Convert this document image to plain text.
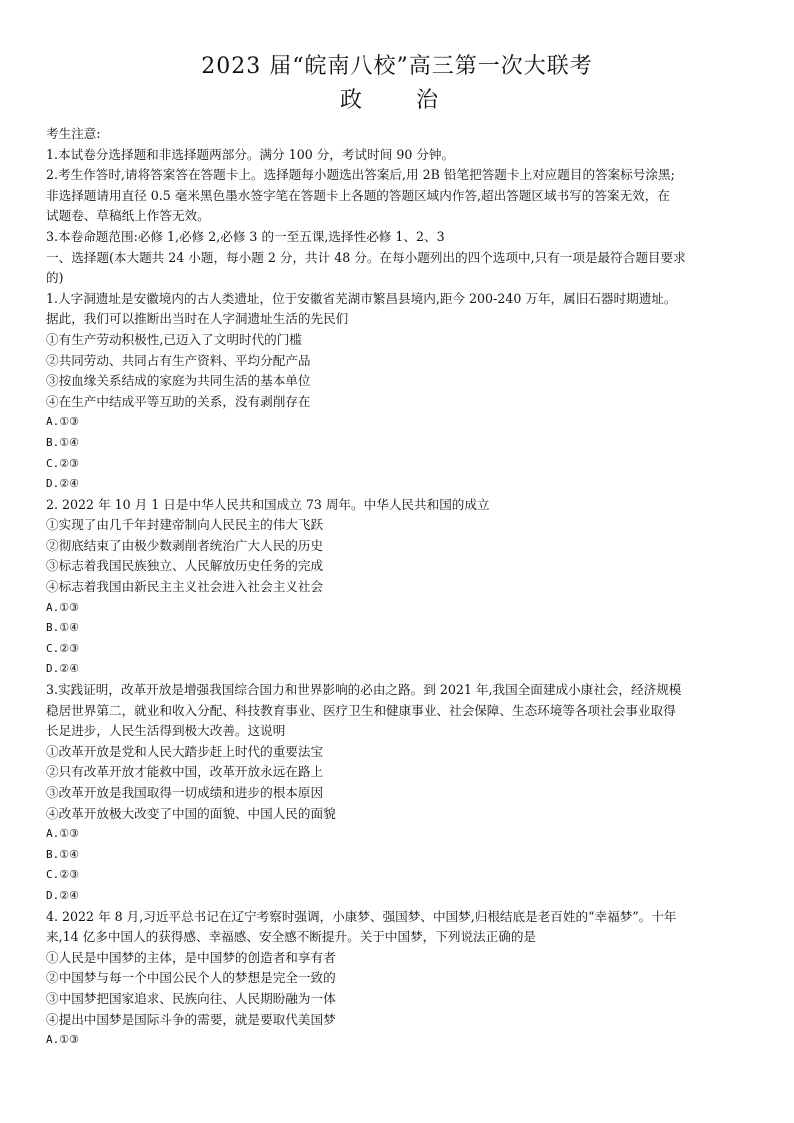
2023 届“皖南八校”高三第一次大联考
政　治
考生注意:
1.本试卷分选择题和非选择题两部分。满分 100 分，考试时间 90 分钟。
2.考生作答时,请将答案答在答题卡上。选择题每小题选出答案后,用 2B 铅笔把答题卡上对应题目的答案标号涂黑;
非选择题请用直径 0.5 毫米黑色墨水签字笔在答题卡上各题的答题区域内作答,超出答题区域书写的答案无效，在
试题卷、草稿纸上作答无效。
3.本卷命题范围:必修 1,必修 2,必修 3 的一至五课,选择性必修 1、2、3
一、选择题(本大题共 24 小题，每小题 2 分，共计 48 分。在每小题列出的四个选项中,只有一项是最符合题目要求
的)
1.人字洞遗址是安徽境内的古人类遗址，位于安徽省芜湖市繁昌县境内,距今 200-240 万年，属旧石器时期遗址。
据此，我们可以推断出当时在人字洞遗址生活的先民们
①有生产劳动积极性,已迈入了文明时代的门槛
②共同劳动、共同占有生产资料、平均分配产品
③按血缘关系结成的家庭为共同生活的基本单位
④在生产中结成平等互助的关系，没有剥削存在
A.①③
B.①④
C.②③
D.②④
2. 2022 年 10 月 1 日是中华人民共和国成立 73 周年。中华人民共和国的成立
①实现了由几千年封建帝制向人民民主的伟大飞跃
②彻底结束了由极少数剥削者统治广大人民的历史
③标志着我国民族独立、人民解放历史任务的完成
④标志着我国由新民主主义社会进入社会主义社会
A.①③
B.①④
C.②③
D.②④
3.实践证明，改革开放是增强我国综合国力和世界影响的必由之路。到 2021 年,我国全面建成小康社会，经济规模
稳居世界第二，就业和收入分配、科技教育事业、医疗卫生和健康事业、社会保障、生态环境等各项社会事业取得
长足进步，人民生活得到极大改善。这说明
①改革开放是党和人民大踏步赶上时代的重要法宝
②只有改革开放才能救中国，改革开放永远在路上
③改革开放是我国取得一切成绩和进步的根本原因
④改革开放极大改变了中国的面貌、中国人民的面貌
A.①③
B.①④
C.②③
D.②④
4. 2022 年 8 月,习近平总书记在辽宁考察时强调，小康梦、强国梦、中国梦,归根结底是老百姓的“幸福梦”。十年
来,14 亿多中国人的获得感、幸福感、安全感不断提升。关于中国梦，下列说法正确的是
①人民是中国梦的主体，是中国梦的创造者和享有者
②中国梦与每一个中国公民个人的梦想是完全一致的
③中国梦把国家追求、民族向往、人民期盼融为一体
④提出中国梦是国际斗争的需要，就是要取代美国梦
A.①③
